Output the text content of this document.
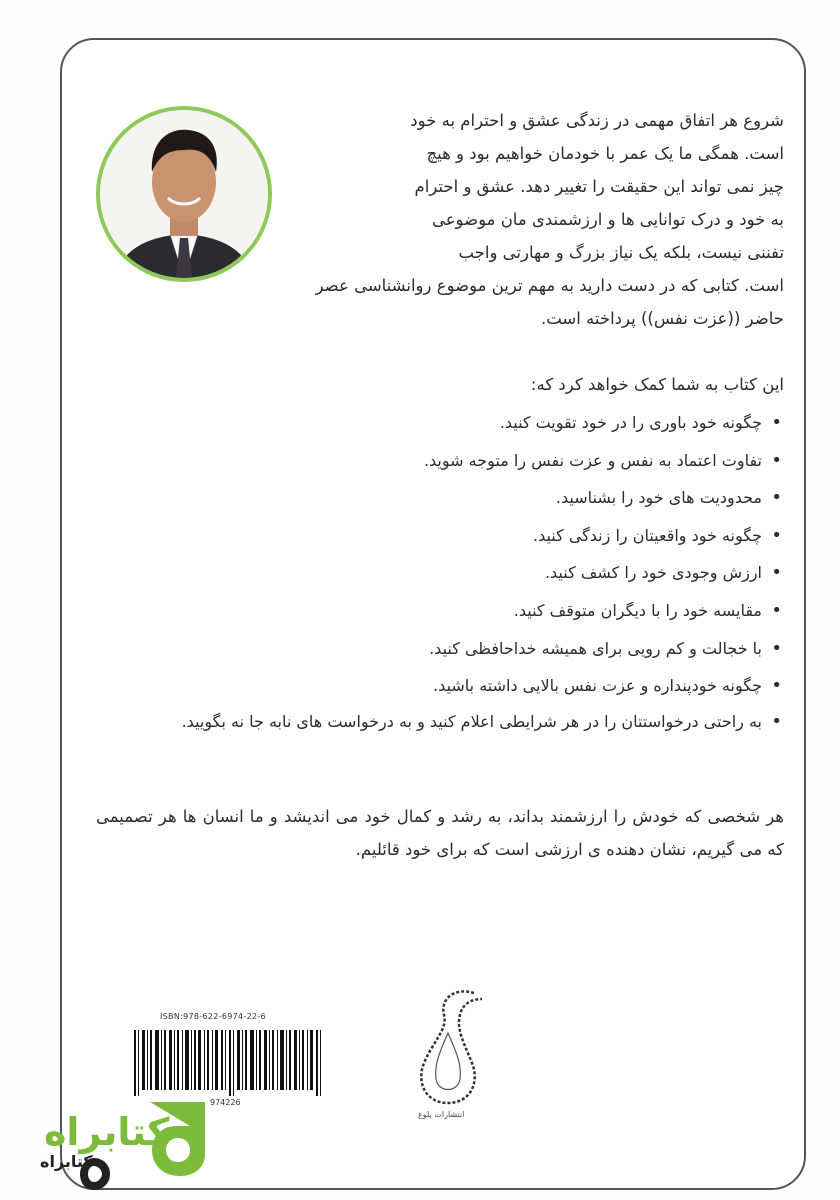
شروع هر اتفاق مهمی در زندگی عشق و احترام به خود
است. همگی ما یک عمر با خودمان خواهیم بود و هیچ
چیز نمی تواند این حقیقت را تغییر دهد. عشق و احترام
به خود و درک توانایی ها و ارزشمندی مان موضوعی
تفننی نیست، بلکه یک نیاز بزرگ و مهارتی واجب
است. کتابی که در دست دارید به مهم ترین موضوع روانشناسی عصر
حاضر ((عزت نفس)) پرداخته است.
این کتاب به شما کمک خواهد کرد که:
• چگونه خود باوری را در خود تقویت کنید.
• تفاوت اعتماد به نفس و عزت نفس را متوجه شوید.
• محدودیت های خود را بشناسید.
• چگونه خود واقعیتان را زندگی کنید.
• ارزش وجودی خود را کشف کنید.
• مقایسه خود را با دیگران متوقف کنید.
• با خجالت و کم رویی برای همیشه خداحافظی کنید.
• چگونه خودپنداره و عزت نفس بالایی داشته باشید.
• به راحتی درخواستتان را در هر شرایطی اعلام کنید و به درخواست های نابه جا نه بگویید.
هر شخصی که خودش را ارزشمند بداند، به رشد و کمال خود می اندیشد و ما انسان ها هر تصمیمی که می گیریم، نشان دهنده ی ارزشی است که برای خود قائلیم.
ISBN:978-622-6974-22-6
974226
انتشارات بلوغ
کتابراه
کتابراه
